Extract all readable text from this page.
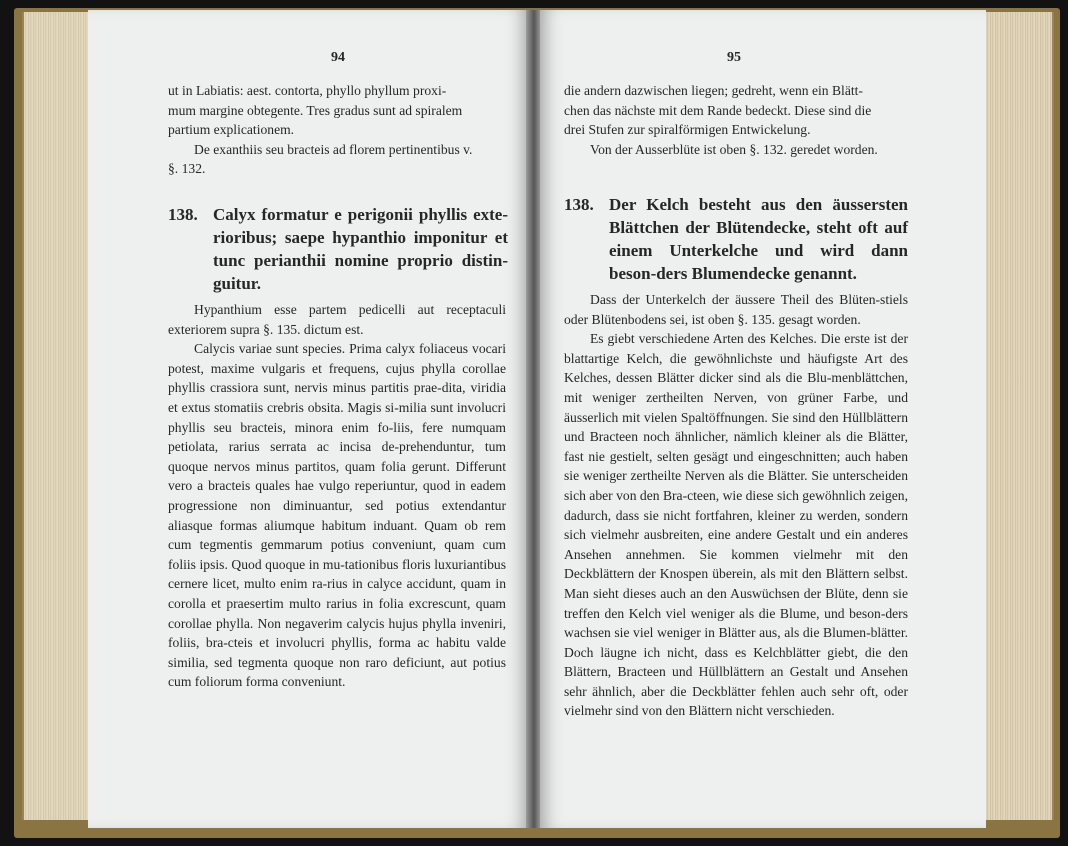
94

ut in Labiatis: aest. contorta, phyllo phyllum proxi-

mum margine obtegente. Tres gradus sunt ad spiralem

partium explicationem.

De exanthiis seu bracteis ad florem pertinentibus v.

§. 132.

138. Calyx formatur e perigonii phyllis exte-rioribus; saepe hypanthio imponitur et tunc perianthii nomine proprio distin-guitur.

Hypanthium esse partem pedicelli aut receptaculi exteriorem supra §. 135. dictum est.

Calycis variae sunt species. Prima calyx foliaceus vocari potest, maxime vulgaris et frequens, cujus phylla corollae phyllis crassiora sunt, nervis minus partitis prae-dita, viridia et extus stomatiis crebris obsita. Magis si-milia sunt involucri phyllis seu bracteis, minora enim fo-liis, fere numquam petiolata, rarius serrata ac incisa de-prehenduntur, tum quoque nervos minus partitos, quam folia gerunt. Differunt vero a bracteis quales hae vulgo reperiuntur, quod in eadem progressione non diminuantur, sed potius extendantur aliasque formas aliumque habitum induant. Quam ob rem cum tegmentis gemmarum potius conveniunt, quam cum foliis ipsis. Quod quoque in mu-tationibus floris luxuriantibus cernere licet, multo enim ra-rius in calyce accidunt, quam in corolla et praesertim multo rarius in folia excrescunt, quam corollae phylla. Non negaverim calycis hujus phylla inveniri, foliis, bra-cteis et involucri phyllis, forma ac habitu valde similia, sed tegmenta quoque non raro deficiunt, aut potius cum foliorum forma conveniunt.

95

die andern dazwischen liegen; gedreht, wenn ein Blätt-

chen das nächste mit dem Rande bedeckt. Diese sind die

drei Stufen zur spiralförmigen Entwickelung.

Von der Ausserblüte ist oben §. 132. geredet worden.

138. Der Kelch besteht aus den äussersten Blättchen der Blütendecke, steht oft auf einem Unterkelche und wird dann beson-ders Blumendecke genannt.

Dass der Unterkelch der äussere Theil des Blüten-stiels oder Blütenbodens sei, ist oben §. 135. gesagt worden.

Es giebt verschiedene Arten des Kelches. Die erste ist der blattartige Kelch, die gewöhnlichste und häufigste Art des Kelches, dessen Blätter dicker sind als die Blu-menblättchen, mit weniger zertheilten Nerven, von grüner Farbe, und äusserlich mit vielen Spaltöffnungen. Sie sind den Hüllblättern und Bracteen noch ähnlicher, nämlich kleiner als die Blätter, fast nie gestielt, selten gesägt und eingeschnitten; auch haben sie weniger zertheilte Nerven als die Blätter. Sie unterscheiden sich aber von den Bra-cteen, wie diese sich gewöhnlich zeigen, dadurch, dass sie nicht fortfahren, kleiner zu werden, sondern sich vielmehr ausbreiten, eine andere Gestalt und ein anderes Ansehen annehmen. Sie kommen vielmehr mit den Deckblättern der Knospen überein, als mit den Blättern selbst. Man sieht dieses auch an den Auswüchsen der Blüte, denn sie treffen den Kelch viel weniger als die Blume, und beson-ders wachsen sie viel weniger in Blätter aus, als die Blumen-blätter. Doch läugne ich nicht, dass es Kelchblätter giebt, die den Blättern, Bracteen und Hüllblättern an Gestalt und Ansehen sehr ähnlich, aber die Deckblätter fehlen auch sehr oft, oder vielmehr sind von den Blättern nicht verschieden.
